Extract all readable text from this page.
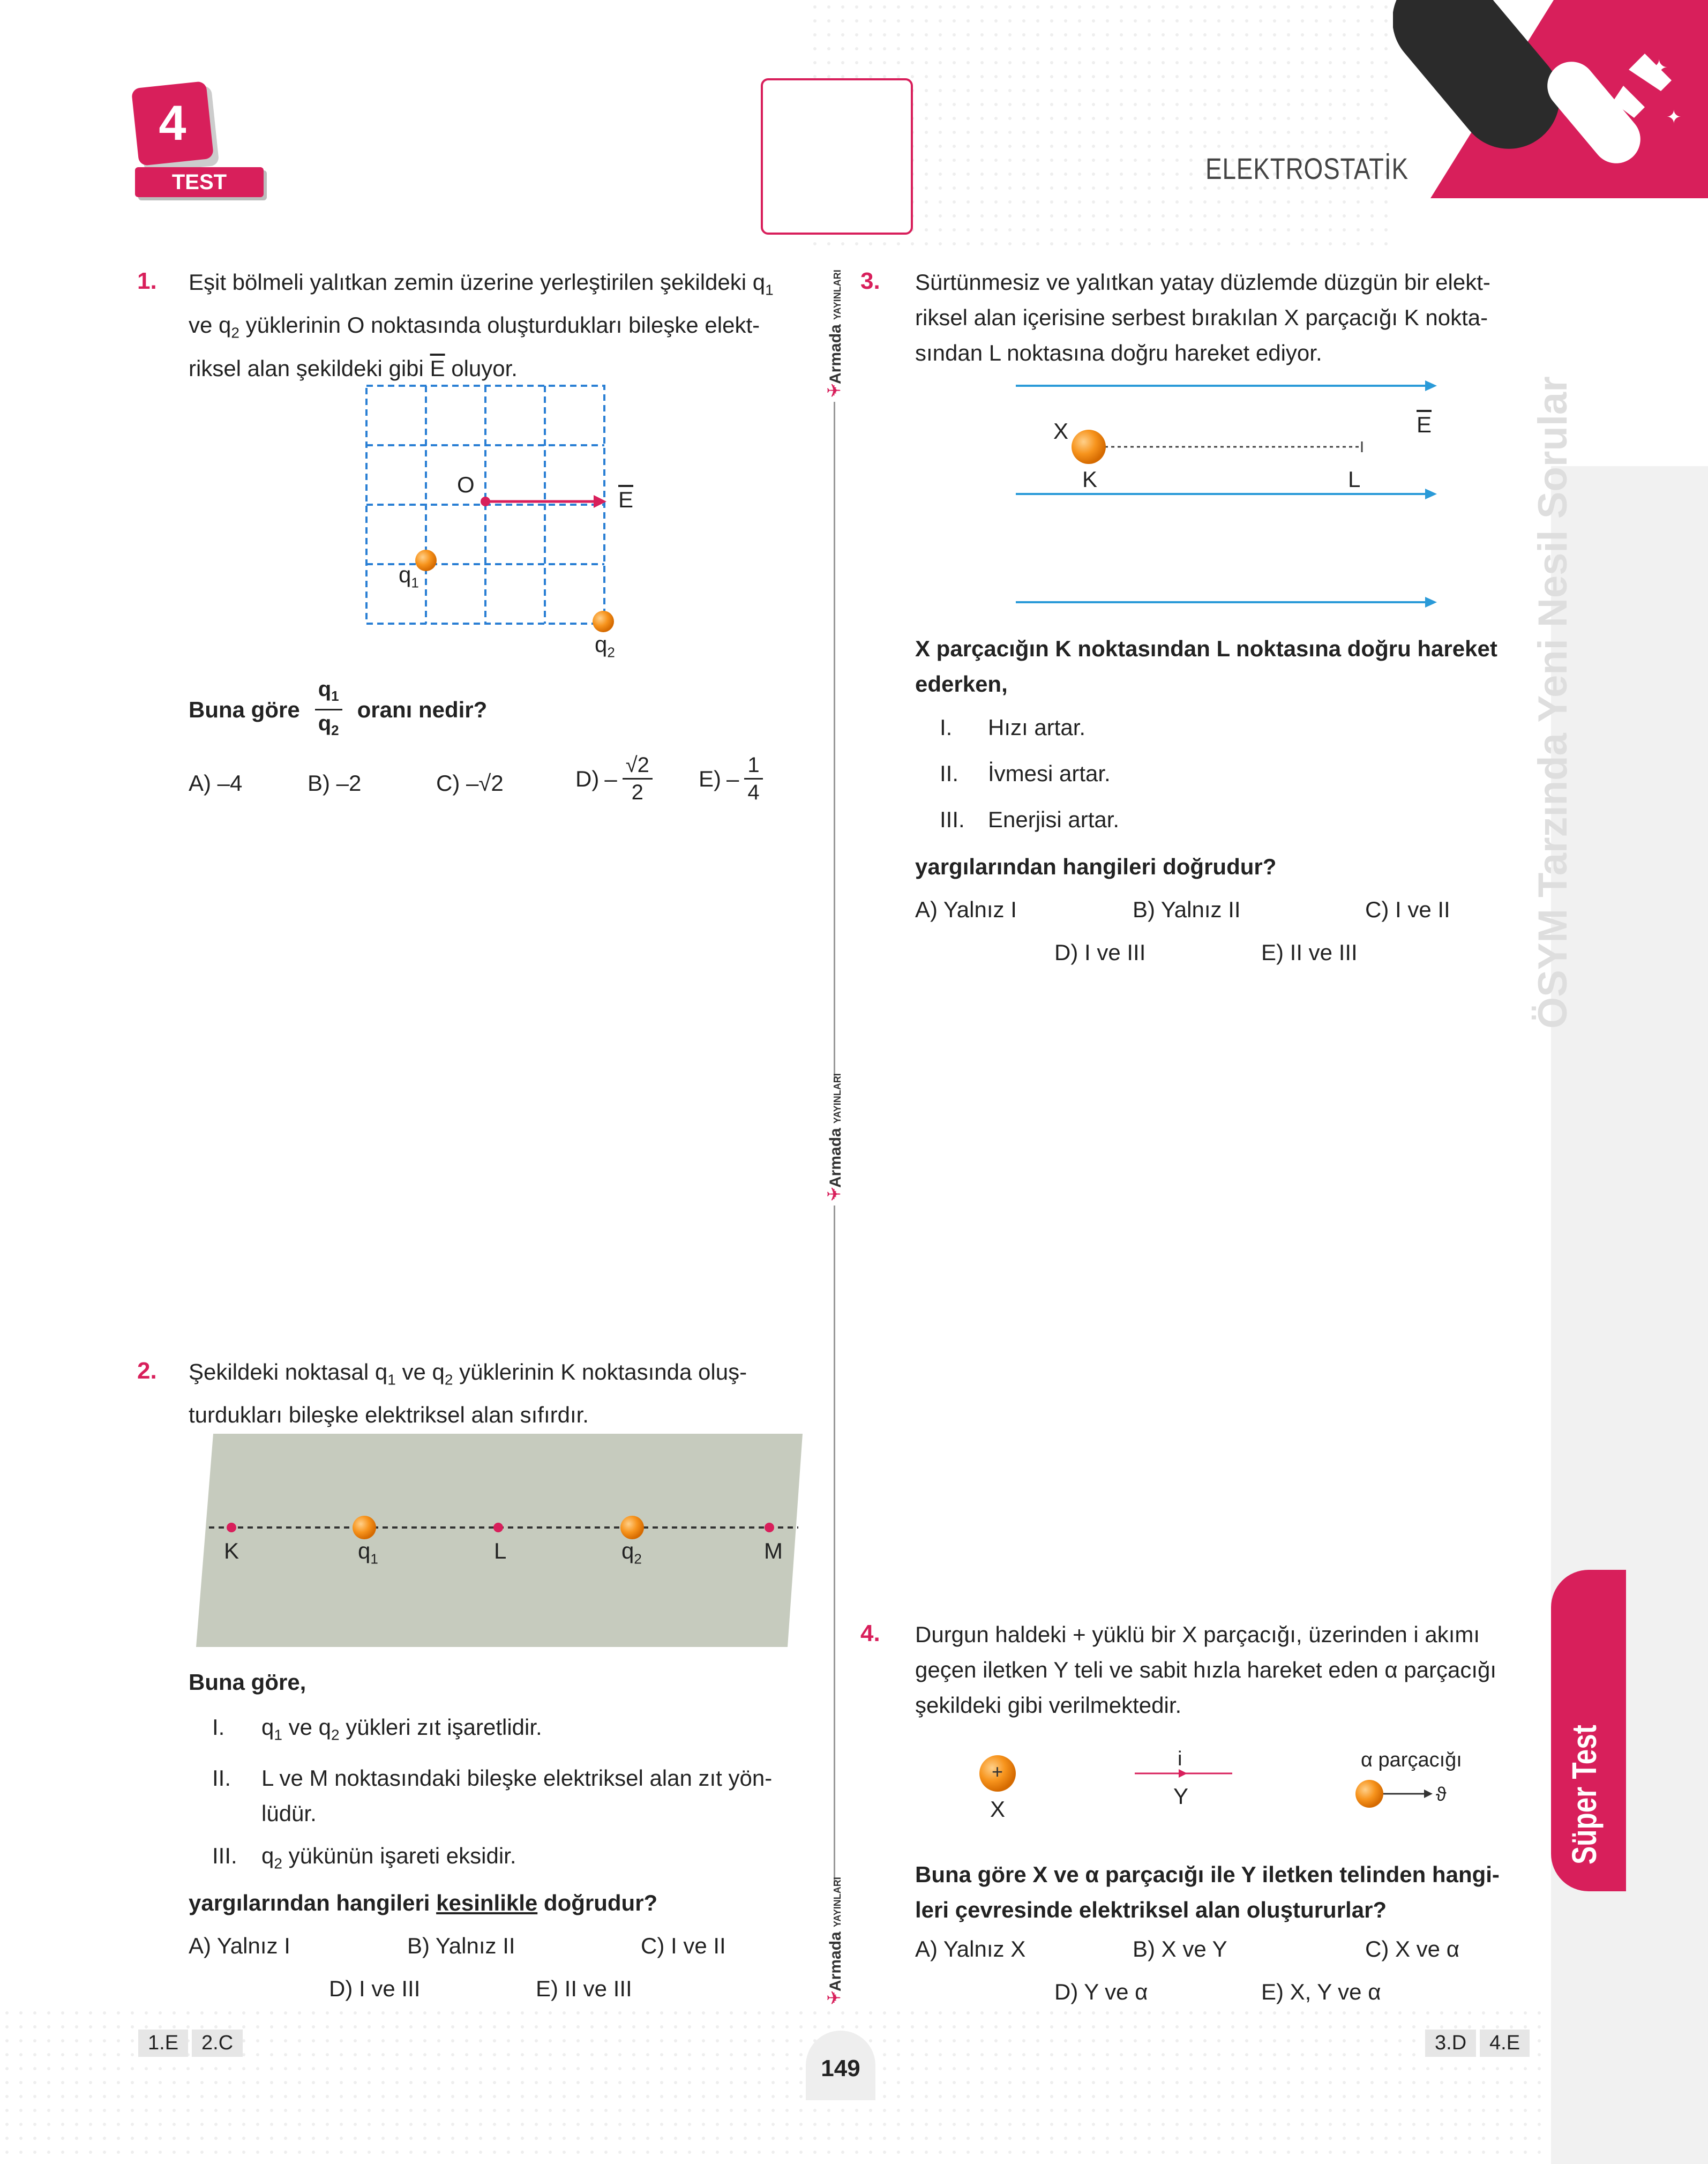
4
TEST	ELEKTROSTATİK
✦
✦
ÖSYM Tarzında Yeni Nesil Sorular
Süper Test
Armada YAYINLARI
✈
Armada YAYINLARI
✈
Armada YAYINLARI
✈
1. Eşit bölmeli yalıtkan zemin üzerine yerleştirilen şekildeki $q_1$
ve $q_2$ yüklerinin O noktasında oluşturdukları bileşke elekt-
riksel alan şekildeki gibi $\overline{E}$ oluyor.
O
$\overline{E}$
$q_1$
$q_2$
Buna göre $\frac{q_1}{q_2}$ oranı nedir?
A) –4	B) –2	C) –√2	$D) - \frac{√2}{2} E) - \frac{1}{4}$
2. Şekildeki noktasal $q_1$ ve $q_2$ yüklerinin K noktasında oluş-
turdukları bileşke elektriksel alan sıfırdır.
K	$q_1$	L	$q_2$	M
Buna göre,
I. $q_1$ ve $q_2$ yükleri zıt işaretlidir.
II. L ve M noktasındaki bileşke elektriksel alan zıt yön-
lüdür.
III. $q_2$ yükünün işareti eksidir.
yargılarından hangileri kesinlikle doğrudur?
A) Yalnız I	B) Yalnız II	C) I ve II
D) I ve III	E) II ve III
3. Sürtünmesiz ve yalıtkan yatay düzlemde düzgün bir elekt-
riksel alan içerisine serbest bırakılan X parçacığı K nokta-
sından L noktasına doğru hareket ediyor.
X	$\overline{E}$
K	L
X parçacığın K noktasından L noktasına doğru hareket
ederken,
I. Hızı artar.
II. İvmesi artar.
III. Enerjisi artar.
yargılarından hangileri doğrudur?
A) Yalnız I	B) Yalnız II	C) I ve II
D) I ve III	E) II ve III
4. Durgun haldeki + yüklü bir X parçacığı, üzerinden i akımı
geçen iletken Y teli ve sabit hızla hareket eden α parçacığı
şekildeki gibi verilmektedir.
+
X
i
Y
α parçacığı
ϑ
Buna göre X ve α parçacığı ile Y iletken telinden hangi-
leri çevresinde elektriksel alan oluştururlar?
A) Yalnız X	B) X ve Y	C) X ve α
D) Y ve α	E) X, Y ve α
1.E	2.C	3.D	4.E
149
